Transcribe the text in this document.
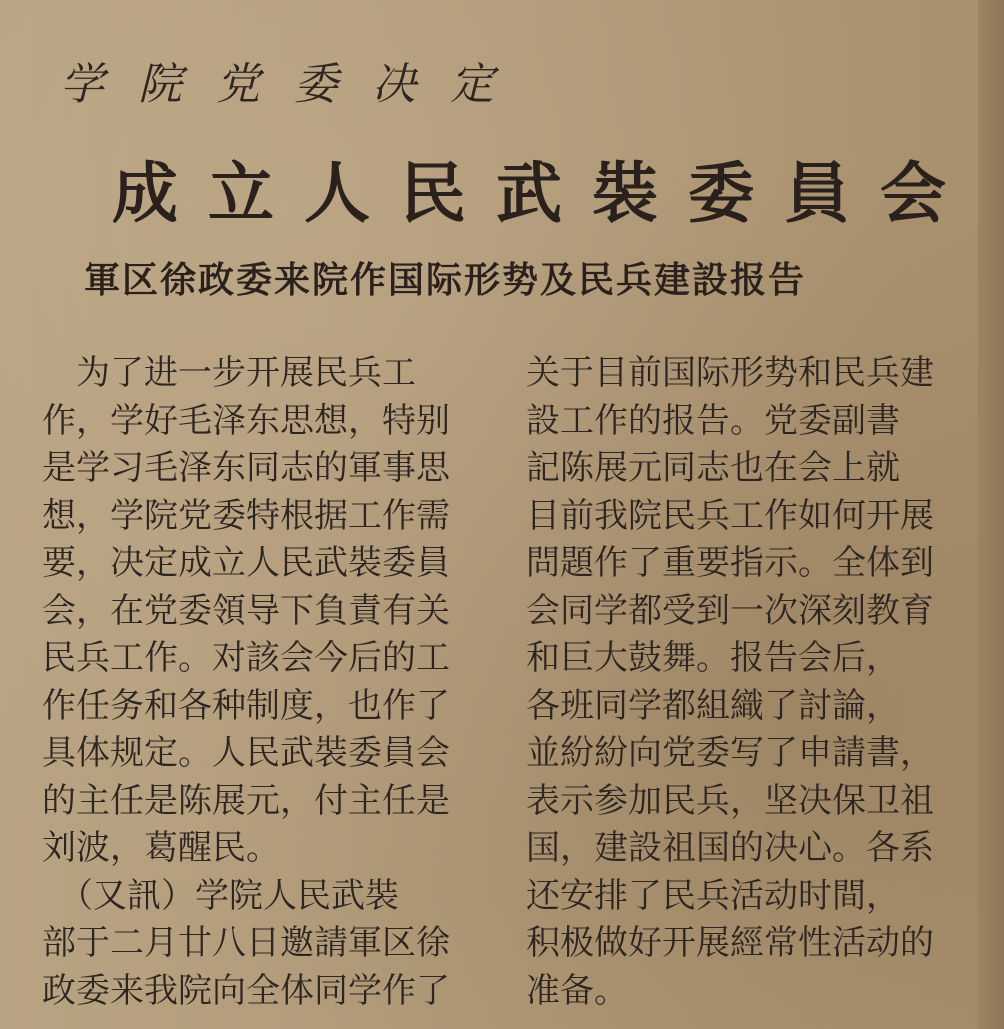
学院党委决定
成立人民武裝委員会
軍区徐政委来院作国际形势及民兵建設报告
　为了进一步开展民兵工
作，学好毛泽东思想，特别
是学习毛泽东同志的軍事思
想，学院党委特根据工作需
要，决定成立人民武裝委員
会，在党委領导下負責有关
民兵工作。对該会今后的工
作任务和各种制度，也作了
具体规定。人民武裝委員会
的主任是陈展元，付主任是
刘波，葛醒民。
　（又訊）学院人民武裝
部于二月廿八日邀請軍区徐
政委来我院向全体同学作了
关于目前国际形势和民兵建
設工作的报告。党委副書
記陈展元同志也在会上就
目前我院民兵工作如何开展
問題作了重要指示。全体到
会同学都受到一次深刻教育
和巨大鼓舞。报告会后，
各班同学都組織了討論，
並紛紛向党委写了申請書，
表示参加民兵，坚决保卫祖
国，建設祖国的决心。各系
还安排了民兵活动时間，
积极做好开展經常性活动的
准备。
